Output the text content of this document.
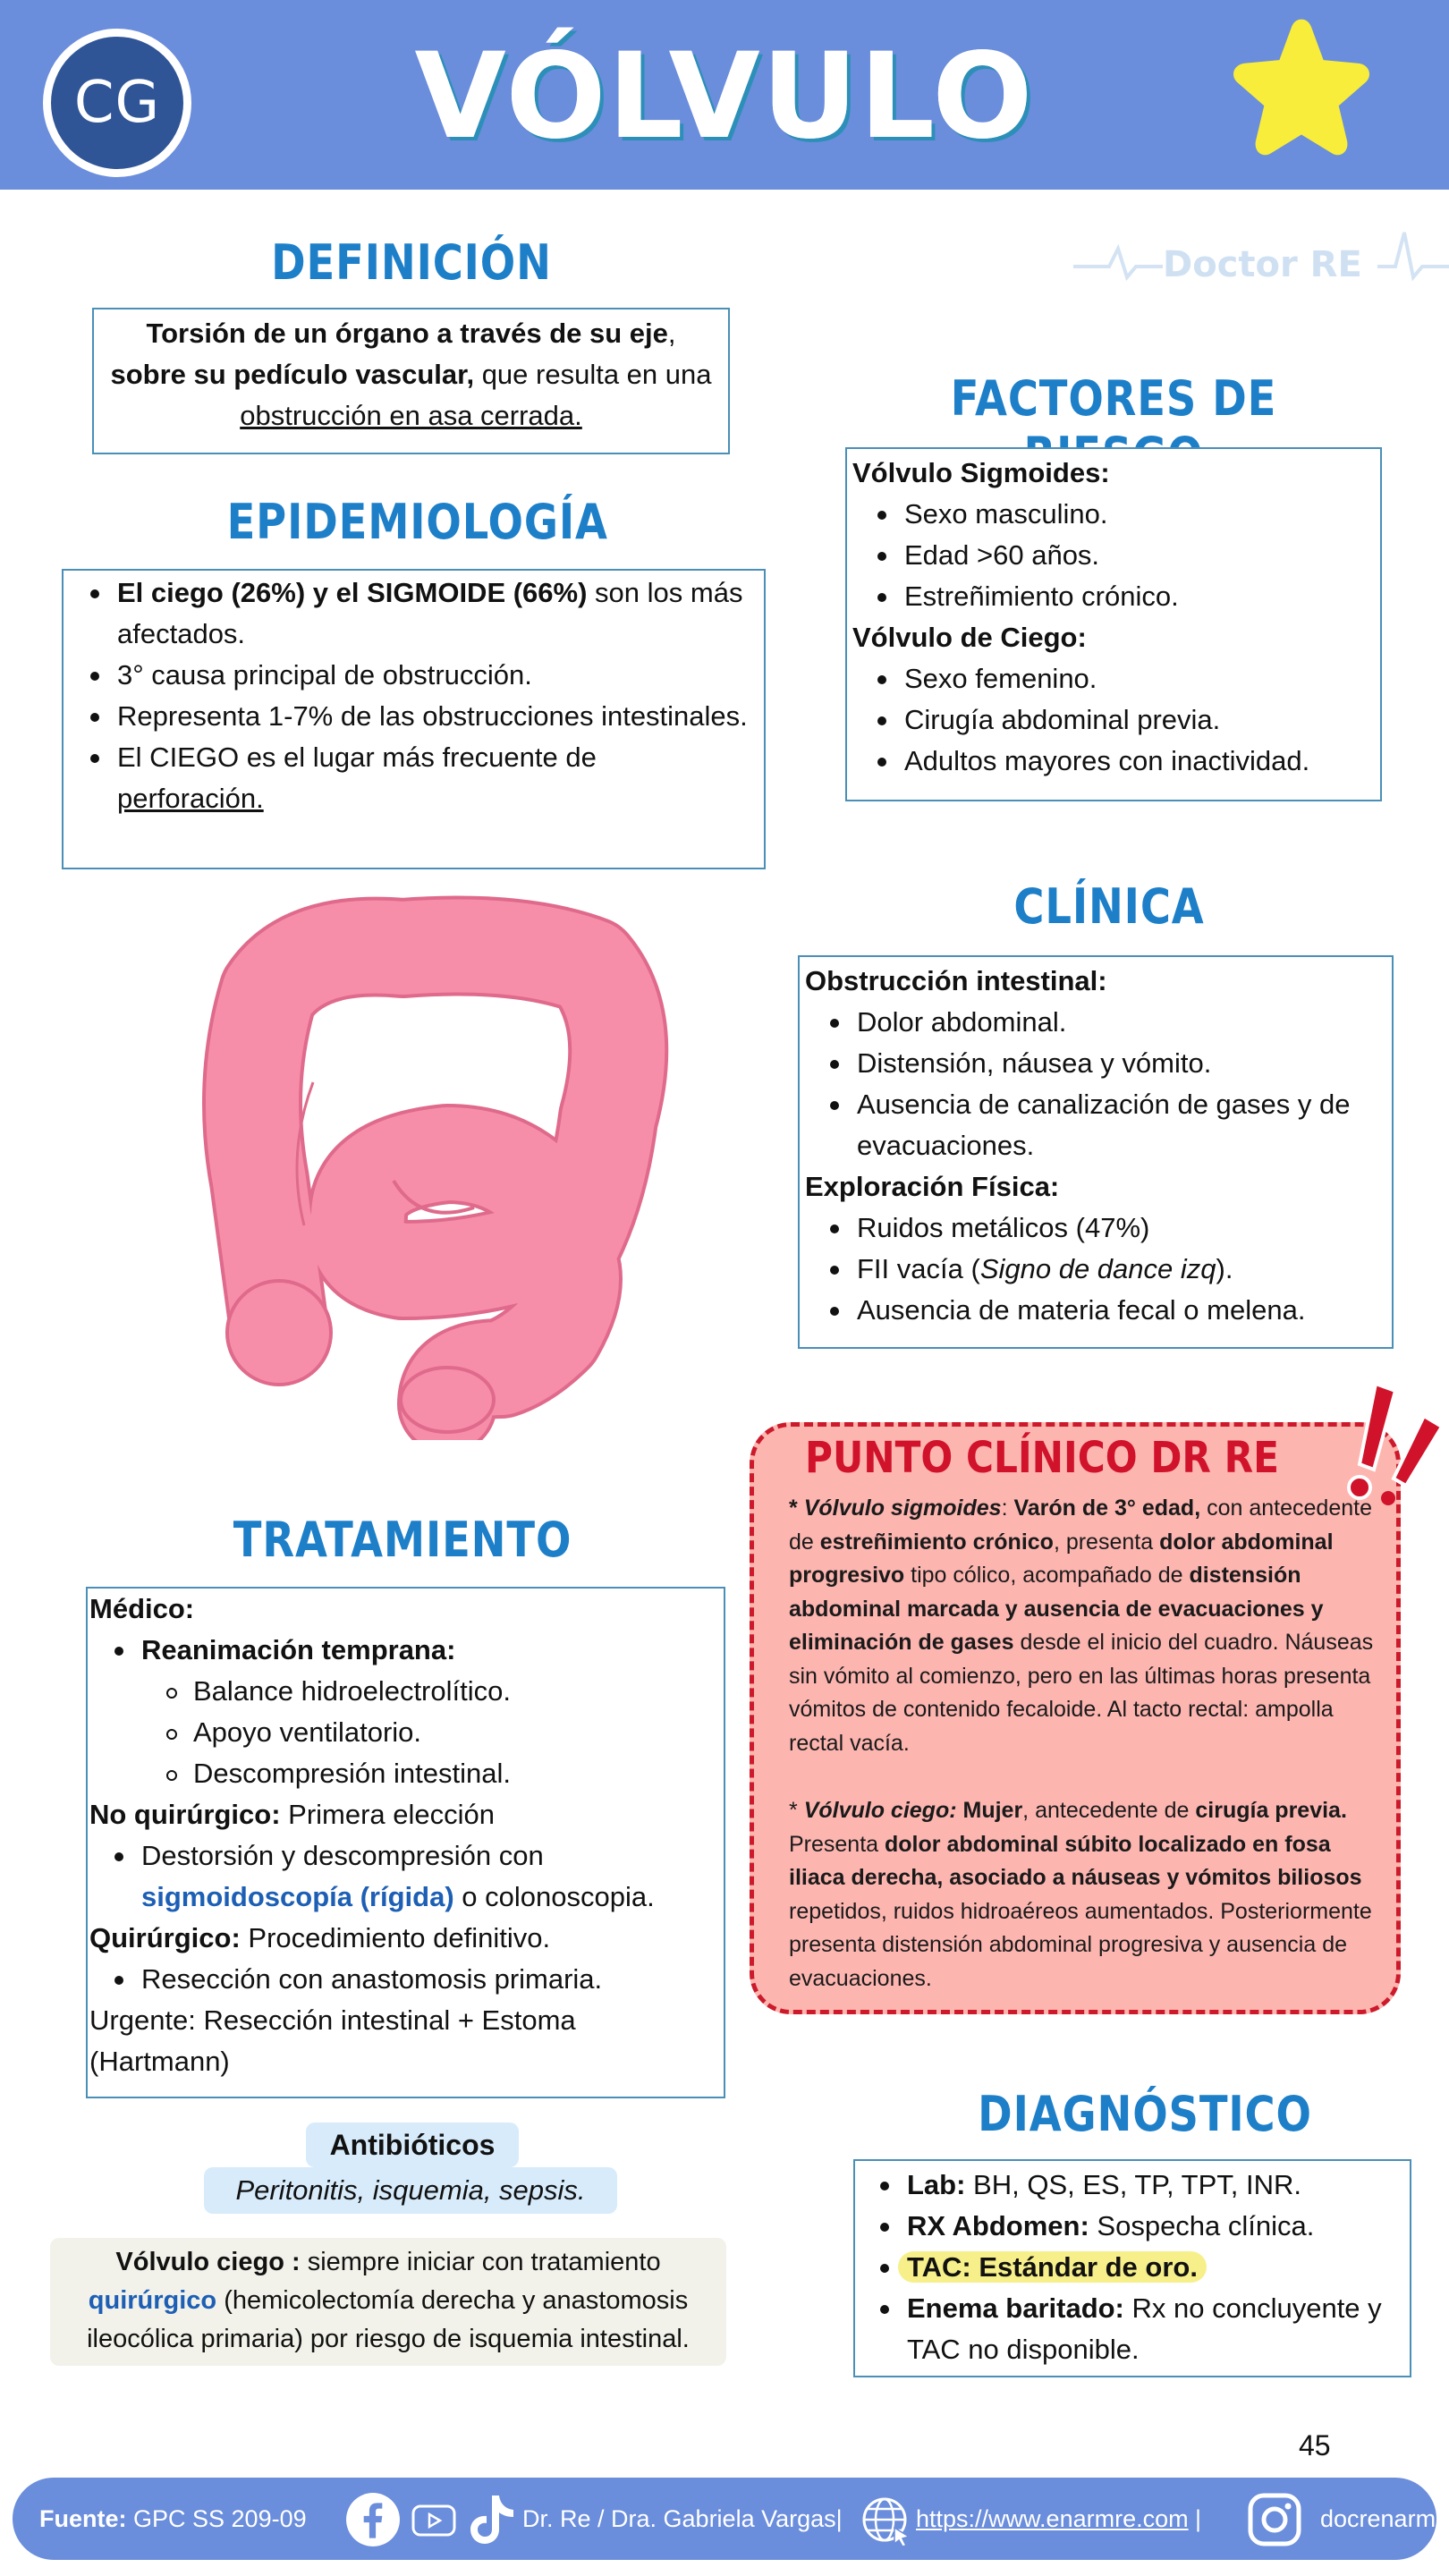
CG	VÓLVULO
Doctor RE
DEFINICIÓN
Torsión de un órgano a través de su eje, sobre su pedículo vascular, que resulta en una obstrucción en asa cerrada.
EPIDEMIOLOGÍA
El ciego (26%) y el SIGMOIDE (66%) son los más afectados.
3° causa principal de obstrucción.
Representa 1-7% de las obstrucciones intestinales.
El CIEGO es el lugar más frecuente de perforación.
FACTORES DE
Vólvulo Sigmoides:
Sexo masculino.
Edad >60 años.
Estreñimiento crónico.
Vólvulo de Ciego:
Sexo femenino.
Cirugía abdominal previa.
Adultos mayores con inactividad.
CLÍNICA
Obstrucción intestinal:
Dolor abdominal.
Distensión, náusea y vómito.
Ausencia de canalización de gases y de evacuaciones.
Exploración Física:
Ruidos metálicos (47%)
FII vacía (Signo de dance izq).
Ausencia de materia fecal o melena.
PUNTO CLÍNICO DR RE

* Vólvulo sigmoides: Varón de 3° edad, con antecedente de estreñimiento crónico, presenta dolor abdominal progresivo tipo cólico, acompañado de distensión abdominal marcada y ausencia de evacuaciones y eliminación de gases desde el inicio del cuadro. Náuseas sin vómito al comienzo, pero en las últimas horas presenta vómitos de contenido fecaloide. Al tacto rectal: ampolla rectal vacía.

* Vólvulo ciego: Mujer, antecedente de cirugía previa. Presenta dolor abdominal súbito localizado en fosa iliaca derecha, asociado a náuseas y vómitos biliosos repetidos, ruidos hidroaéreos aumentados. Posteriormente presenta distensión abdominal progresiva y ausencia de evacuaciones.

TRATAMIENTO
Médico:
Reanimación temprana:
Balance hidroelectrolítico.
Apoyo ventilatorio.
Descompresión intestinal.
No quirúrgico: Primera elección
Destorsión y descompresión con sigmoidoscopía (rígida) o colonoscopia.
Quirúrgico: Procedimiento definitivo.
Resección con anastomosis primaria.
Urgente: Resección intestinal + Estoma (Hartmann)
Antibióticos
Peritonitis, isquemia, sepsis.
Vólvulo ciego : siempre iniciar con tratamiento quirúrgico (hemicolectomía derecha y anastomosis ileocólica primaria) por riesgo de isquemia intestinal.
DIAGNÓSTICO
Lab: BH, QS, ES, TP, TPT, INR.
RX Abdomen: Sospecha clínica.
TAC: Estándar de oro.
Enema baritado: Rx no concluyente y TAC no disponible.
45
Fuente: GPC SS 209-09	Dr. Re / Dra. Gabriela Vargas|	https://www.enarmre.com |	docrenarm
